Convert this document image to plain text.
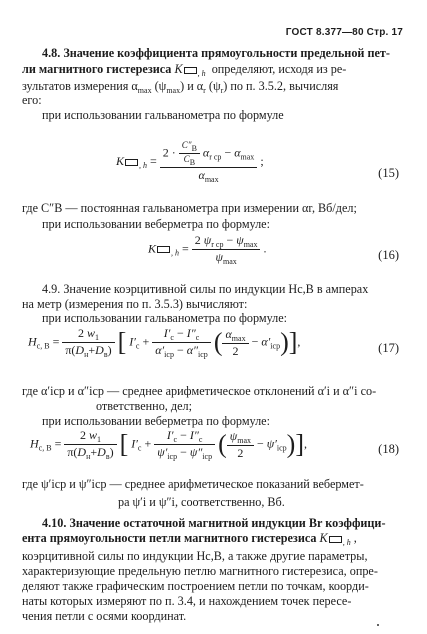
ГОСТ 8.377—80 Стр. 17
4.8. Значение коэффициента прямоугольности предельной пет-
ли магнитного гистерезиса K $_{, h}$ определяют, исходя из ре-
зультатов измерения $\alpha_{max}$ $(\psi_{max})$ и $\alpha_r$ $(\psi_r)$ по п. 3.5.2, вычисляя
его:
при использовании гальванометра по формуле
K $_{, h} = \frac{2 \cdot \frac{C''B}{CB} \alpha_{r cp} - \alpha_{max}}{\alpha_{max}}$ ;
(15)
где C″B — постоянная гальванометра при измерении αr, Вб/дел;
при использовании веберметра по формуле:
K $_{, h} = \frac{2 \psi_{r cp} - \psi_{max}}{\psi_{max}}$ .	(16)
4.9. Значение коэрцитивной силы по индукции Hc,B в амперах
на метр (измерения по п. 3.5.3) вычисляют:
при использовании гальванометра по формуле:
$H_{c, B} = \frac{2 w_1}{\pi(D_н+D_в)}$ [ $I'_c + \frac{I'_c - I''_c}{\alpha'_{icp} - \alpha''_{icp}}$ ( $\frac{\alpha_{max}}{2} - \alpha'_{icp}$)],	(17)
где α′icp и α″icp — среднее арифметическое отклонений α′i и α″i со-
ответственно, дел;
при использовании веберметра по формуле:
$H_{c, B} = \frac{2 w_1}{\pi(D_н+D_в)}$ [ $I'_c + \frac{I'_c - I''_c}{\psi'_{icp} - \psi''_{icp}}$ ( $\frac{\psi_{max}}{2} - \psi'_{icp}$)],	(18)
где ψ′icp и ψ″icp — среднее арифметическое показаний вебермет-
ра ψ′i и ψ″i, соответственно, Вб.
4.10. Значение остаточной магнитной индукции Br коэффици-
ента прямоугольности петли магнитного гистерезиса K $_{, h}$ ,
коэрцитивной силы по индукции Hc,B, а также другие параметры,
характеризующие предельную петлю магнитного гистерезиса, опре-
деляют также графическим построением петли по точкам, коорди-
наты которых измеряют по п. 3.4, и нахождением точек пересе-
чения петли с осями координат.
